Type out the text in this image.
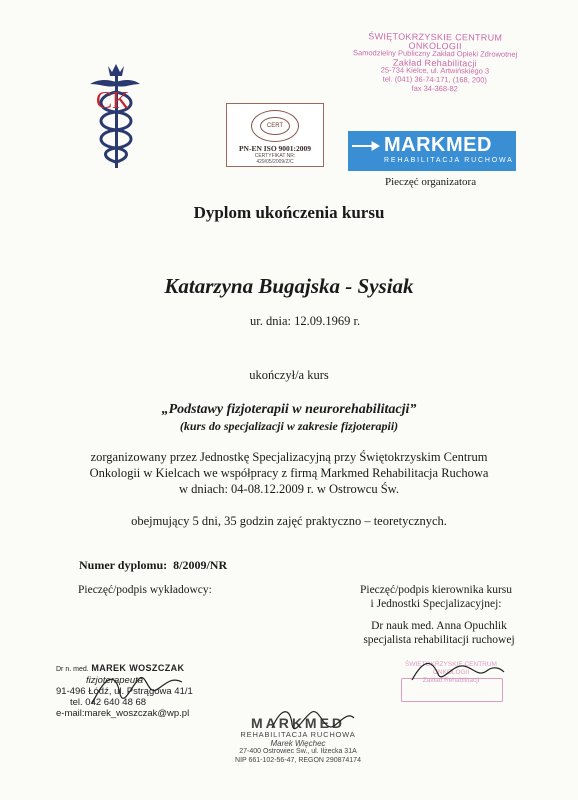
CK
CERT
PN-EN ISO 9001:2009
CERTYFIKAT NR:
429/05/2009/Z/C
MARKMED
REHABILITACJA RUCHOWA
Pieczęć organizatora
ŚWIĘTOKRZYSKIE CENTRUM ONKOLOGII
Samodzielny Publiczny Zakład Opieki Zdrowotnej
Zakład Rehabilitacji
25-734 Kielce, ul. Artwińskiego 3
tel. (041) 36-74-171, (168, 200)
fax 34-368-82
Dyplom ukończenia kursu
Katarzyna Bugajska - Sysiak
ur. dnia: 12.09.1969 r.
ukończył/a kurs
„Podstawy fizjoterapii w neurorehabilitacji”
(kurs do specjalizacji w zakresie fizjoterapii)
zorganizowany przez Jednostkę Specjalizacyjną przy Świętokrzyskim Centrum
Onkologii w Kielcach we współpracy z firmą Markmed Rehabilitacja Ruchowa
w dniach: 04-08.12.2009 r. w Ostrowcu Św.
obejmujący 5 dni, 35 godzin zajęć praktyczno – teoretycznych.
Numer dyplomu: 8/2009/NR
Pieczęć/podpis wykładowcy:	Pieczęć/podpis kierownika kursu
i Jednostki Specjalizacyjnej:
Dr nauk med. Anna Opuchlik
specjalista rehabilitacji ruchowej
Dr n. med. MAREK WOSZCZAK
fizjoterapeuta
91-496 Łódź, ul. Pstrągowa 41/1
tel. 042 640 48 68
e-mail:marek_woszczak@wp.pl
MARKMED
REHABILITACJA RUCHOWA
Marek Więchec
27-400 Ostrowiec Św., ul. Iłżecka 31A
NIP 661-102-56-47, REGON 290874174
ŚWIĘTOKRZYSKIE CENTRUM ONKOLOGII
Zakład Rehabilitacji
